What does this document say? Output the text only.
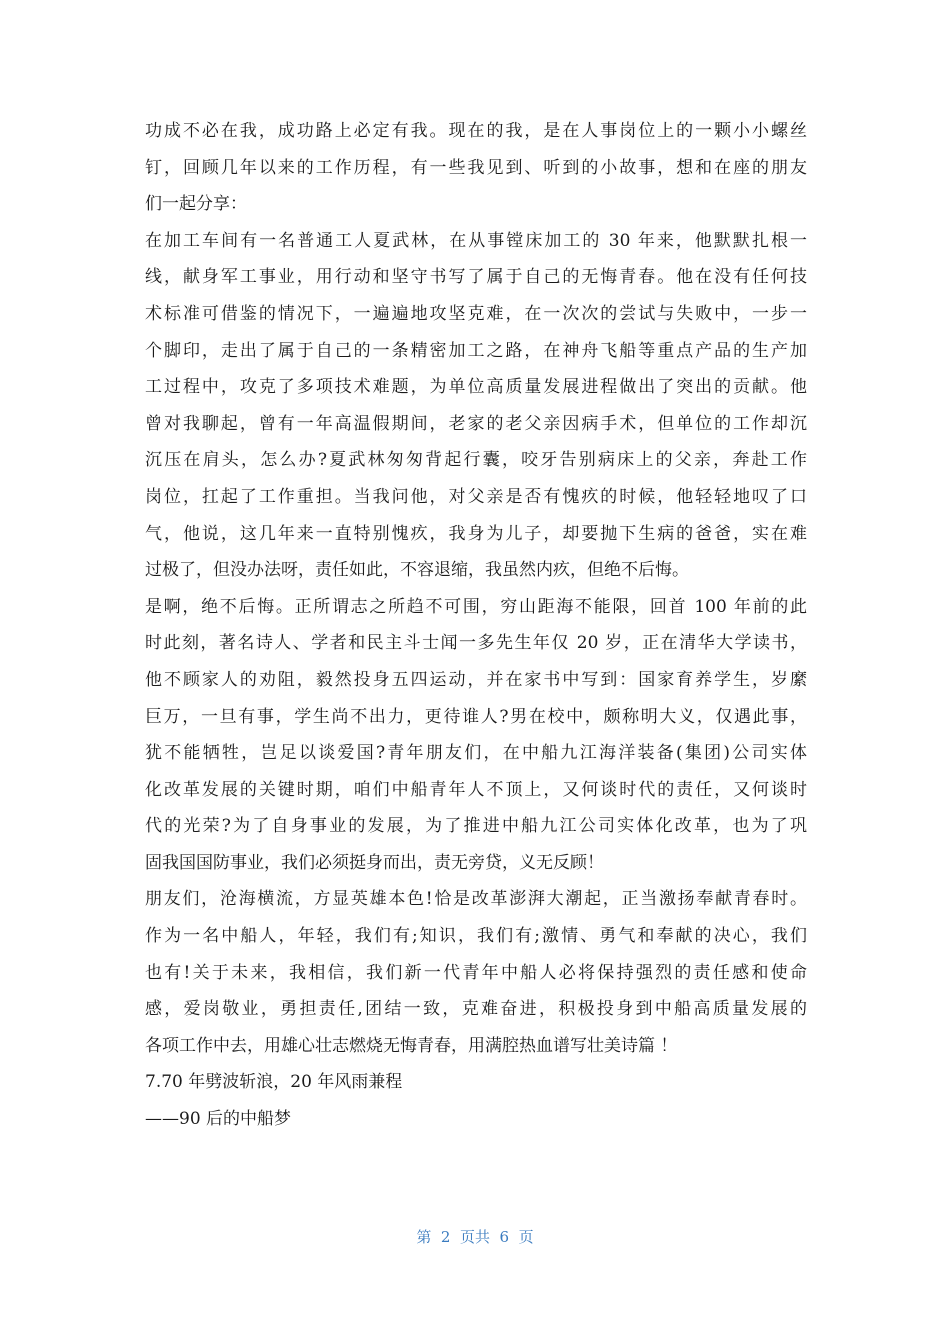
功成不必在我，成功路上必定有我。现在的我，是在人事岗位上的一颗小小螺丝
钉，回顾几年以来的工作历程，有一些我见到、听到的小故事，想和在座的朋友
们一起分享：
在加工车间有一名普通工人夏武林，在从事镗床加工的 30 年来，他默默扎根一
线，献身军工事业，用行动和坚守书写了属于自己的无悔青春。他在没有任何技
术标准可借鉴的情况下，一遍遍地攻坚克难，在一次次的尝试与失败中，一步一
个脚印，走出了属于自己的一条精密加工之路，在神舟飞船等重点产品的生产加
工过程中，攻克了多项技术难题，为单位高质量发展进程做出了突出的贡献。他
曾对我聊起，曾有一年高温假期间，老家的老父亲因病手术，但单位的工作却沉
沉压在肩头，怎么办?夏武林匆匆背起行囊，咬牙告别病床上的父亲，奔赴工作
岗位，扛起了工作重担。当我问他，对父亲是否有愧疚的时候，他轻轻地叹了口
气，他说，这几年来一直特别愧疚，我身为儿子，却要抛下生病的爸爸，实在难
过极了，但没办法呀，责任如此，不容退缩，我虽然内疚，但绝不后悔。
是啊，绝不后悔。正所谓志之所趋不可围，穷山距海不能限，回首 100 年前的此
时此刻，著名诗人、学者和民主斗士闻一多先生年仅 20 岁，正在清华大学读书，
他不顾家人的劝阻，毅然投身五四运动，并在家书中写到：国家育养学生，岁縻
巨万，一旦有事，学生尚不出力，更待谁人?男在校中，颇称明大义，仅遇此事，
犹不能牺牲，岂足以谈爱国?青年朋友们，在中船九江海洋装备(集团)公司实体
化改革发展的关键时期，咱们中船青年人不顶上，又何谈时代的责任，又何谈时
代的光荣?为了自身事业的发展，为了推进中船九江公司实体化改革，也为了巩
固我国国防事业，我们必须挺身而出，责无旁贷，义无反顾！
朋友们，沧海横流，方显英雄本色!恰是改革澎湃大潮起，正当激扬奉献青春时。
作为一名中船人，年轻，我们有;知识，我们有;激情、勇气和奉献的决心，我们
也有!关于未来，我相信，我们新一代青年中船人必将保持强烈的责任感和使命
感，爱岗敬业，勇担责任,团结一致，克难奋进，积极投身到中船高质量发展的
各项工作中去，用雄心壮志燃烧无悔青春，用满腔热血谱写壮美诗篇 ！
7.70 年劈波斩浪，20 年风雨兼程
——90 后的中船梦
第  2  页共  6  页
